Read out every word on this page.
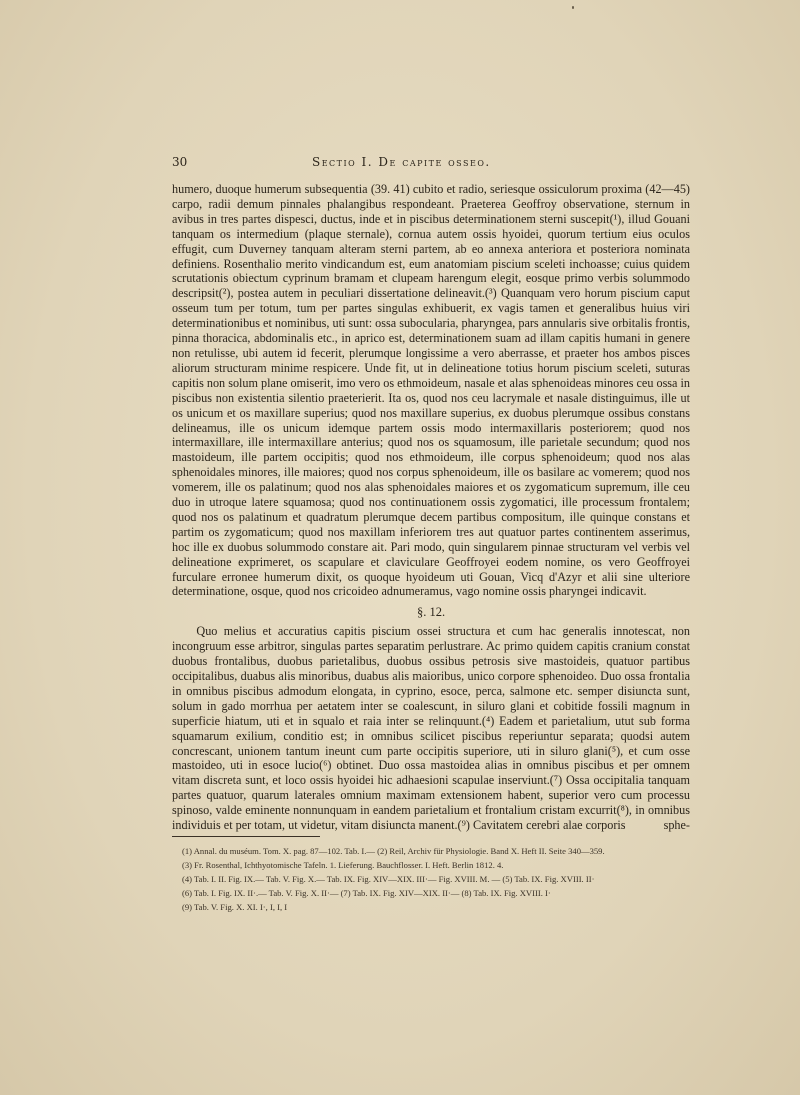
30	Sectio I. De capite osseo.

humero, duoque humerum subsequentia (39. 41) cubito et radio, seriesque ossiculorum proxima (42—45) carpo, radii demum pinnales phalangibus respondeant. Praeterea Geoffroy observatione, sternum in avibus in tres partes dispesci, ductus, inde et in piscibus determinationem sterni suscepit(¹), illud Gouani tanquam os intermedium (plaque sternale), cornua autem ossis hyoidei, quorum tertium eius oculos effugit, cum Duverney tanquam alteram sterni partem, ab eo annexa anteriora et posteriora nominata definiens. Rosenthalio merito vindicandum est, eum anatomiam piscium sceleti inchoasse; cuius quidem scrutationis obiectum cyprinum bramam et clupeam harengum elegit, eosque primo verbis solummodo descripsit(²), postea autem in peculiari dissertatione delineavit.(³) Quanquam vero horum piscium caput osseum tum per totum, tum per partes singulas exhibuerit, ex vagis tamen et generalibus huius viri determinationibus et nominibus, uti sunt: ossa subocularia, pharyngea, pars annularis sive orbitalis frontis, pinna thoracica, abdominalis etc., in aprico est, determinationem suam ad illam capitis humani in genere non retulisse, ubi autem id fecerit, plerumque longissime a vero aberrasse, et praeter hos ambos pisces aliorum structuram minime respicere. Unde fit, ut in delineatione totius horum piscium sceleti, suturas capitis non solum plane omiserit, imo vero os ethmoideum, nasale et alas sphenoideas minores ceu ossa in piscibus non existentia silentio praeterierit. Ita os, quod nos ceu lacrymale et nasale distinguimus, ille ut os unicum et os maxillare superius; quod nos maxillare superius, ex duobus plerumque ossibus constans delineamus, ille os unicum idemque partem ossis modo intermaxillaris posteriorem; quod nos intermaxillare, ille intermaxillare anterius; quod nos os squamosum, ille parietale secundum; quod nos mastoideum, ille partem occipitis; quod nos ethmoideum, ille corpus sphenoideum; quod nos alas sphenoidales minores, ille maiores; quod nos corpus sphenoideum, ille os basilare ac vomerem; quod nos vomerem, ille os palatinum; quod nos alas sphenoidales maiores et os zygomaticum supremum, ille ceu duo in utroque latere squamosa; quod nos continuationem ossis zygomatici, ille processum frontalem; quod nos os palatinum et quadratum plerumque decem partibus compositum, ille quinque constans et partim os zygomaticum; quod nos maxillam inferiorem tres aut quatuor partes continentem asserimus, hoc ille ex duobus solummodo constare ait. Pari modo, quin singularem pinnae structuram vel verbis vel delineatione exprimeret, os scapulare et claviculare Geoffroyei eodem nomine, os vero Geoffroyei furculare erronee humerum dixit, os quoque hyoideum uti Gouan, Vicq d'Azyr et alii sine ulteriore determinatione, osque, quod nos cricoideo adnumeramus, vago nomine ossis pharyngei indicavit.

§. 12.

Quo melius et accuratius capitis piscium ossei structura et cum hac generalis innotescat, non incongruum esse arbitror, singulas partes separatim perlustrare. Ac primo quidem capitis cranium constat duobus frontalibus, duobus parietalibus, duobus ossibus petrosis sive mastoideis, quatuor partibus occipitalibus, duabus alis minoribus, duabus alis maioribus, unico corpore sphenoideo. Duo ossa frontalia in omnibus piscibus admodum elongata, in cyprino, esoce, perca, salmone etc. semper disiuncta sunt, solum in gado morrhua per aetatem inter se coalescunt, in siluro glani et cobitide fossili magnum in superficie hiatum, uti et in squalo et raia inter se relinquunt.(⁴) Eadem et parietalium, utut sub forma squamarum exilium, conditio est; in omnibus scilicet piscibus reperiuntur separata; quodsi autem concrescant, unionem tantum ineunt cum parte occipitis superiore, uti in siluro glani(⁵), et cum osse mastoideo, uti in esoce lucio(⁶) obtinet. Duo ossa mastoidea alias in omnibus piscibus et per omnem vitam discreta sunt, et loco ossis hyoidei hic adhaesioni scapulae inserviunt.(⁷) Ossa occipitalia tanquam partes quatuor, quarum laterales omnium maximam extensionem habent, superior vero cum processu spinoso, valde eminente nonnunquam in eandem parietalium et frontalium cristam excurrit(⁸), in omnibus individuis et per totam, ut videtur, vitam disiuncta manent.(⁹) Cavitatem cerebri alae corporis	sphe-
(1) Annal. du muséum. Tom. X. pag. 87—102. Tab. I.— (2) Reil, Archiv für Physiologie. Band X. Heft II. Seite 340—359.
(3) Fr. Rosenthal, Ichthyotomische Tafeln. 1. Lieferung. Bauchflosser. I. Heft. Berlin 1812. 4.
(4) Tab. I. II. Fig. IX.— Tab. V. Fig. X.— Tab. IX. Fig. XIV—XIX. III·— Fig. XVIII. M. — (5) Tab. IX. Fig. XVIII. II·
(6) Tab. I. Fig. IX. II·.— Tab. V. Fig. X. II·— (7) Tab. IX. Fig. XIV—XIX. II·— (8) Tab. IX. Fig. XVIII. I·
(9) Tab. V. Fig. X. XI. I·, I, I, I
